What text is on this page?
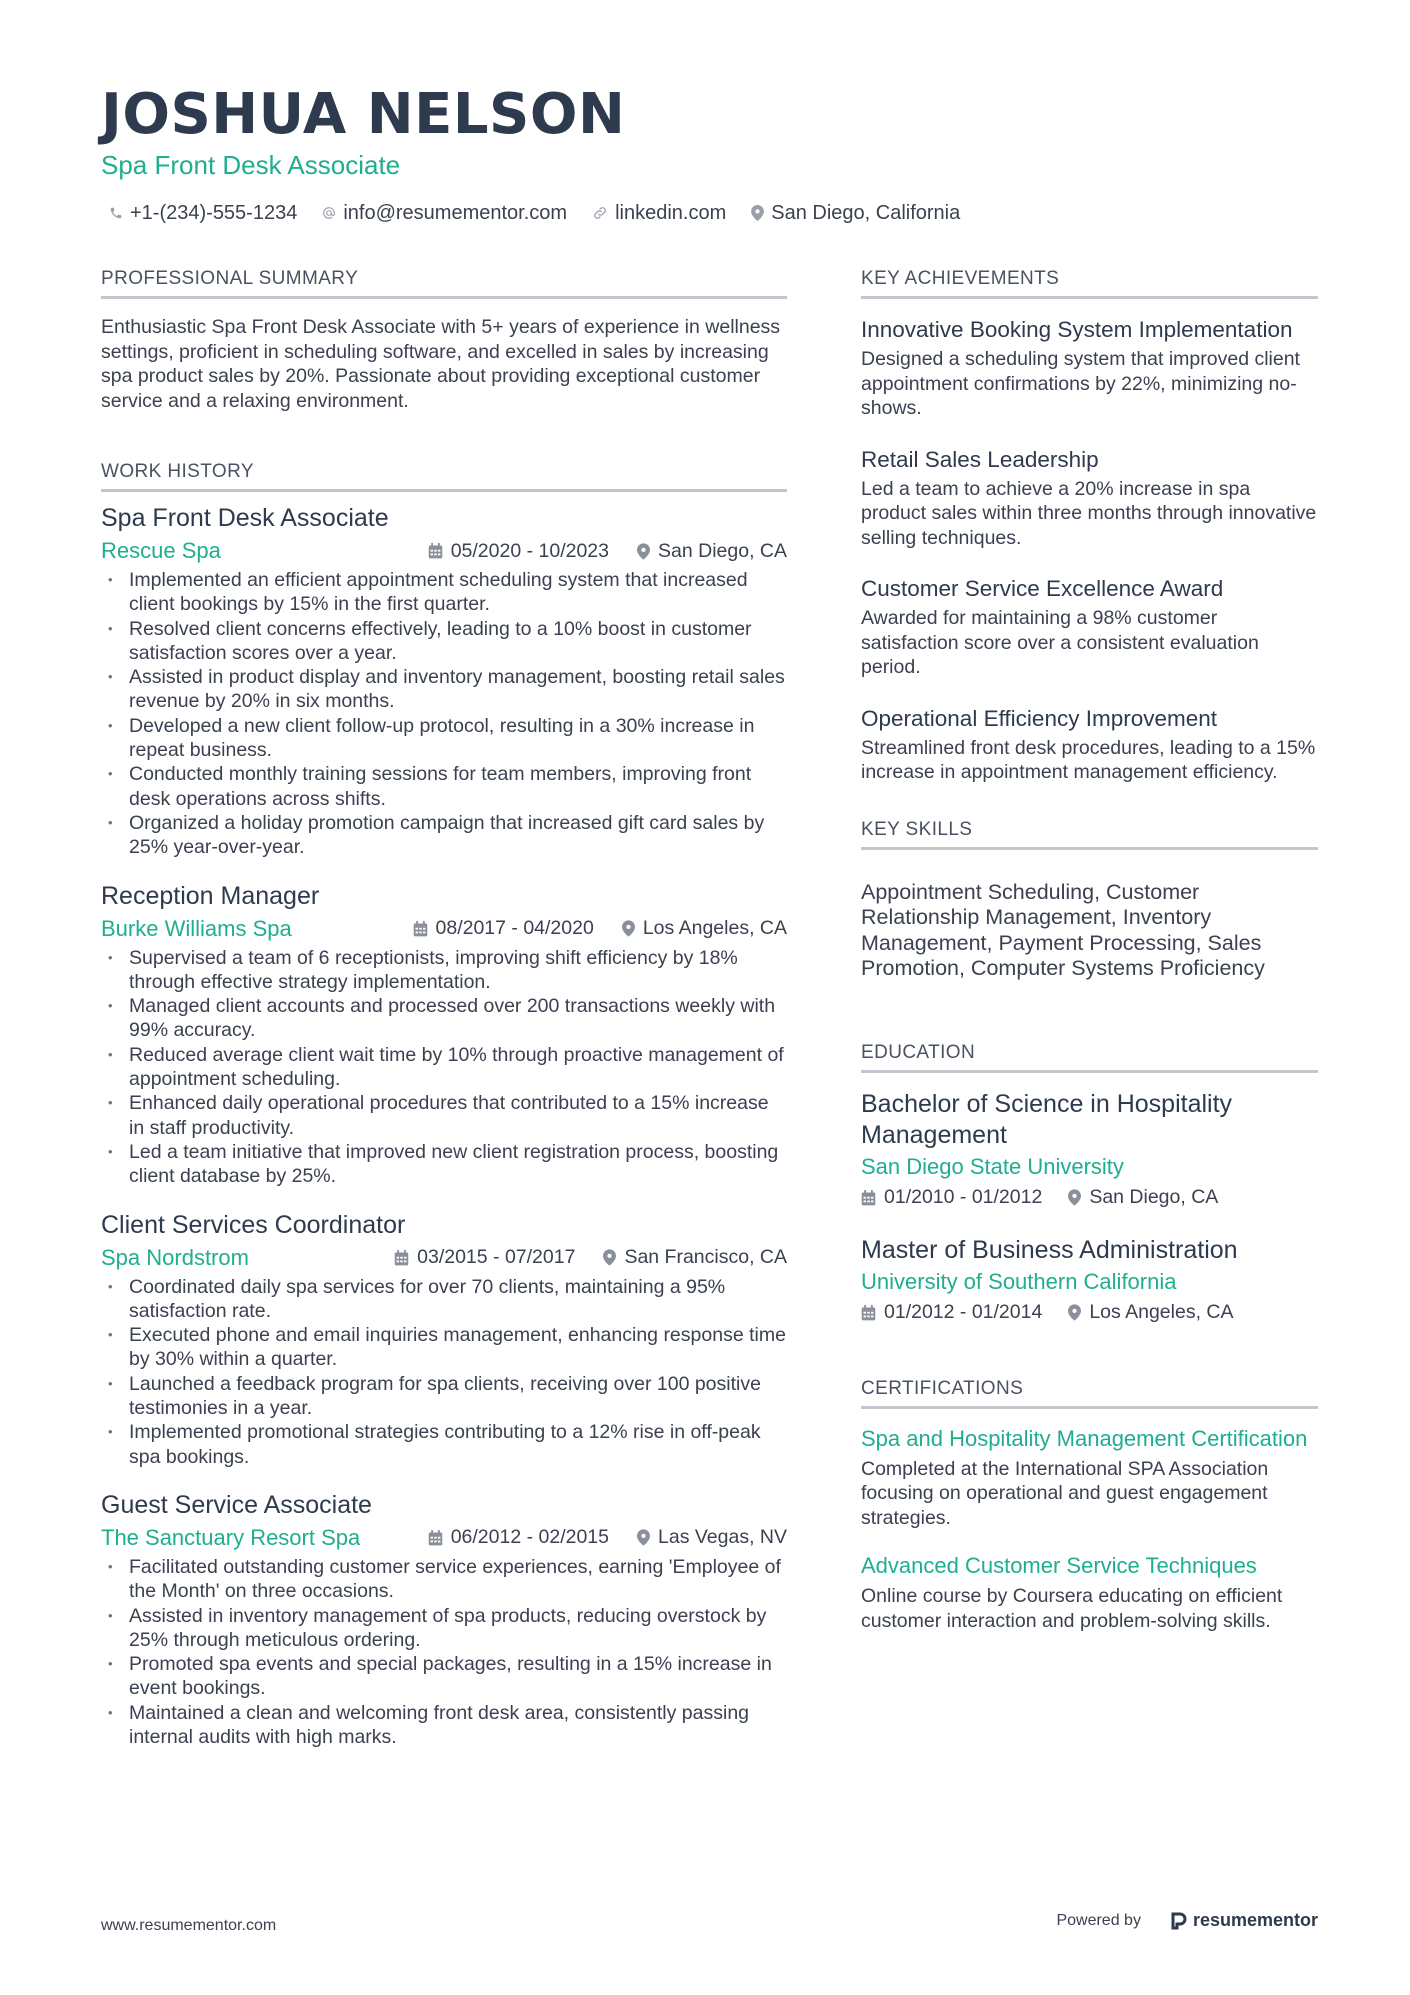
JOSHUA NELSON
Spa Front Desk Associate
+1-(234)-555-1234 info@resumementor.com linkedin.com San Diego, California
PROFESSIONAL SUMMARY

Enthusiastic Spa Front Desk Associate with 5+ years of experience in wellness settings, proficient in scheduling software, and excelled in sales by increasing spa product sales by 20%. Passionate about providing exceptional customer service and a relaxing environment.

WORK HISTORY
Spa Front Desk Associate
Rescue Spa	05/2020 - 10/2023	San Diego, CA
• Implemented an efficient appointment scheduling system that increased client bookings by 15% in the first quarter.
• Resolved client concerns effectively, leading to a 10% boost in customer satisfaction scores over a year.
• Assisted in product display and inventory management, boosting retail sales revenue by 20% in six months.
• Developed a new client follow-up protocol, resulting in a 30% increase in repeat business.
• Conducted monthly training sessions for team members, improving front desk operations across shifts.
• Organized a holiday promotion campaign that increased gift card sales by 25% year-over-year.
Reception Manager
Burke Williams Spa	08/2017 - 04/2020	Los Angeles, CA
• Supervised a team of 6 receptionists, improving shift efficiency by 18% through effective strategy implementation.
• Managed client accounts and processed over 200 transactions weekly with 99% accuracy.
• Reduced average client wait time by 10% through proactive management of appointment scheduling.
• Enhanced daily operational procedures that contributed to a 15% increase in staff productivity.
• Led a team initiative that improved new client registration process, boosting client database by 25%.
Client Services Coordinator
Spa Nordstrom	03/2015 - 07/2017	San Francisco, CA
• Coordinated daily spa services for over 70 clients, maintaining a 95% satisfaction rate.
• Executed phone and email inquiries management, enhancing response time by 30% within a quarter.
• Launched a feedback program for spa clients, receiving over 100 positive testimonies in a year.
• Implemented promotional strategies contributing to a 12% rise in off-peak spa bookings.
Guest Service Associate
The Sanctuary Resort Spa	06/2012 - 02/2015	Las Vegas, NV
• Facilitated outstanding customer service experiences, earning 'Employee of the Month' on three occasions.
• Assisted in inventory management of spa products, reducing overstock by 25% through meticulous ordering.
• Promoted spa events and special packages, resulting in a 15% increase in event bookings.
• Maintained a clean and welcoming front desk area, consistently passing internal audits with high marks.
KEY ACHIEVEMENTS
Innovative Booking System Implementation
Designed a scheduling system that improved client appointment confirmations by 22%, minimizing no-shows.
Retail Sales Leadership
Led a team to achieve a 20% increase in spa product sales within three months through innovative selling techniques.
Customer Service Excellence Award
Awarded for maintaining a 98% customer satisfaction score over a consistent evaluation period.
Operational Efficiency Improvement
Streamlined front desk procedures, leading to a 15% increase in appointment management efficiency.
KEY SKILLS
Appointment Scheduling, Customer Relationship Management, Inventory Management, Payment Processing, Sales Promotion, Computer Systems Proficiency
EDUCATION
Bachelor of Science in Hospitality Management
San Diego State University
01/2010 - 01/2012 San Diego, CA
Master of Business Administration
University of Southern California
01/2012 - 01/2014 Los Angeles, CA
CERTIFICATIONS
Spa and Hospitality Management Certification
Completed at the International SPA Association focusing on operational and guest engagement strategies.
Advanced Customer Service Techniques
Online course by Coursera educating on efficient customer interaction and problem-solving skills.
www.resumementor.com	Powered by	resumementor
